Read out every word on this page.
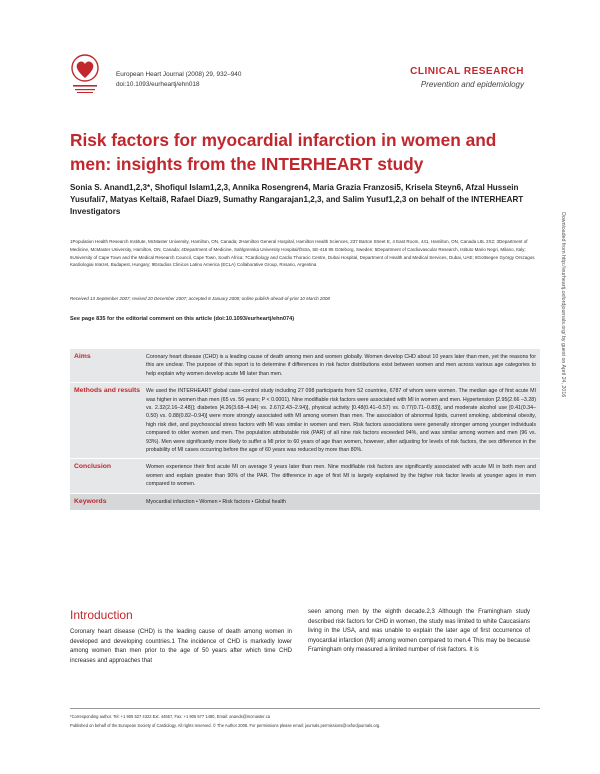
European Heart Journal (2008) 29, 932–940
doi:10.1093/eurheartj/ehn018
CLINICAL RESEARCH
Prevention and epidemiology
Risk factors for myocardial infarction in women and men: insights from the INTERHEART study
Sonia S. Anand1,2,3*, Shofiqul Islam1,2,3, Annika Rosengren4, Maria Grazia Franzosi5, Krisela Steyn6, Afzal Hussein Yusufali7, Matyas Keltai8, Rafael Diaz9, Sumathy Rangarajan1,2,3, and Salim Yusuf1,2,3 on behalf of the INTERHEART Investigators
1Population Health Research Institute, McMaster University, Hamilton, ON, Canada; 2Hamilton General Hospital, Hamilton Health Sciences, 237 Barton Street E, 4 East Room, 441, Hamilton, ON, Canada L8L 2X2; 3Department of Medicine, McMaster University, Hamilton, ON, Canada; 4Department of Medicine, Sahlgrenska University Hospital/Östra, SE-416 85 Göteborg, Sweden; 5Department of Cardiovascular Research, Istituto Mario Negri, Milano, Italy; 6University of Cape Town and the Medical Research Council, Cape Town, South Africa; 7Cardiology and Cardio Thoracic Centre, Dubai Hospital, Department of Health and Medical Services, Dubai, UAE; 8Gottsegen György Orszagos Kardiologiai Intezet, Budapest, Hungary; 9Estudios Clinicos Latino America (ECLA) Collaborative Group, Rosario, Argentina
Received 13 September 2007; revised 20 December 2007; accepted 8 January 2008; online publish-ahead-of-print 10 March 2008
See page 835 for the editorial comment on this article (doi:10.1093/eurheartj/ehn074)	Downloaded from http://eurheartj.oxfordjournals.org/ by guest on April 24, 2016
Aims	Coronary heart disease (CHD) is a leading cause of death among men and women globally. Women develop CHD about 10 years later than men, yet the reasons for this are unclear. The purpose of this report is to determine if differences in risk factor distributions exist between women and men across various age categories to help explain why women develop acute MI later than men.
Methods and results	We used the INTERHEART global case–control study including 27 098 participants from 52 countries, 6787 of whom were women. The median age of first acute MI was higher in women than men (65 vs. 56 years; P < 0.0001). Nine modifiable risk factors were associated with MI in women and men. Hypertension [2.95(2.66 –3.28) vs. 2.32(2.16–2.48)]; diabetes [4.26(3.68–4.94) vs. 2.67(2.43–2.94)], physical activity [0.48(0.41–0.57) vs. 0.77(0.71–0.83)], and moderate alcohol use [0.41(0.34–0.50) vs. 0.88(0.82–0.94)] were more strongly associated with MI among women than men. The association of abnormal lipids, current smoking, abdominal obesity, high risk diet, and psychosocial stress factors with MI was similar in women and men. Risk factors associations were generally stronger among younger individuals compared to older women and men. The population attributable risk (PAR) of all nine risk factors exceeded 94%, and was similar among women and men (96 vs. 93%). Men were significantly more likely to suffer a MI prior to 60 years of age than women, however, after adjusting for levels of risk factors, the sex difference in the probability of MI cases occurring before the age of 60 years was reduced by more than 80%.
Conclusion	Women experience their first acute MI on average 9 years later than men. Nine modifiable risk factors are significantly associated with acute MI in both men and women and explain greater than 90% of the PAR. The difference in age of first MI is largely explained by the higher risk factor levels at younger ages in men compared to women.
Keywords	Myocardial infarction • Women • Risk factors • Global health
Introduction

Coronary heart disease (CHD) is the leading cause of death among women in developed and developing countries.1 The incidence of CHD is markedly lower among women than men prior to the age of 50 years after which time CHD increases and approaches that

seen among men by the eighth decade.2,3 Although the Framingham study described risk factors for CHD in women, the study was limited to white Caucasians living in the USA, and was unable to explain the later age of first occurrence of myocardial infarction (MI) among women compared to men.4 This may be because Framingham only measured a limited number of risk factors. It is

*Corresponding author. Tel: +1 905 527 4322 Ext. 44557, Fax: +1 905 577 1490, Email: anands@mcmaster.ca

Published on behalf of the European Society of Cardiology. All rights reserved. © The Author 2008. For permissions please email: journals.permissions@oxfordjournals.org.
